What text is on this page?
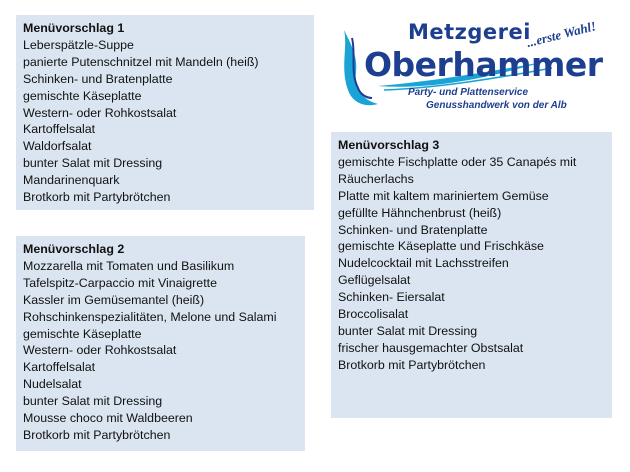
Menüvorschlag 1
Leberspätzle-Suppe
panierte Putenschnitzel mit Mandeln (heiß)
Schinken- und Bratenplatte
gemischte Käseplatte
Western- oder Rohkostsalat
Kartoffelsalat
Waldorfsalat
bunter Salat mit Dressing
Mandarinenquark
Brotkorb mit Partybrötchen
Menüvorschlag 2
Mozzarella mit Tomaten und Basilikum
Tafelspitz-Carpaccio mit Vinaigrette
Kassler im Gemüsemantel (heiß)
Rohschinkenspezialitäten, Melone und Salami
gemischte Käseplatte
Western- oder Rohkostsalat
Kartoffelsalat
Nudelsalat
bunter Salat mit Dressing
Mousse choco mit Waldbeeren
Brotkorb mit Partybrötchen
Menüvorschlag 3
gemischte Fischplatte oder 35 Canapés mit
Räucherlachs
Platte mit kaltem mariniertem Gemüse
gefüllte Hähnchenbrust (heiß)
Schinken- und Bratenplatte
gemischte Käseplatte und Frischkäse
Nudelcocktail mit Lachsstreifen
Geflügelsalat
Schinken- Eiersalat
Broccolisalat
bunter Salat mit Dressing
frischer hausgemachter Obstsalat
Brotkorb mit Partybrötchen
Metzgerei
Oberhammer
...erste Wahl!
Party- und Plattenservice
Genusshandwerk von der Alb
